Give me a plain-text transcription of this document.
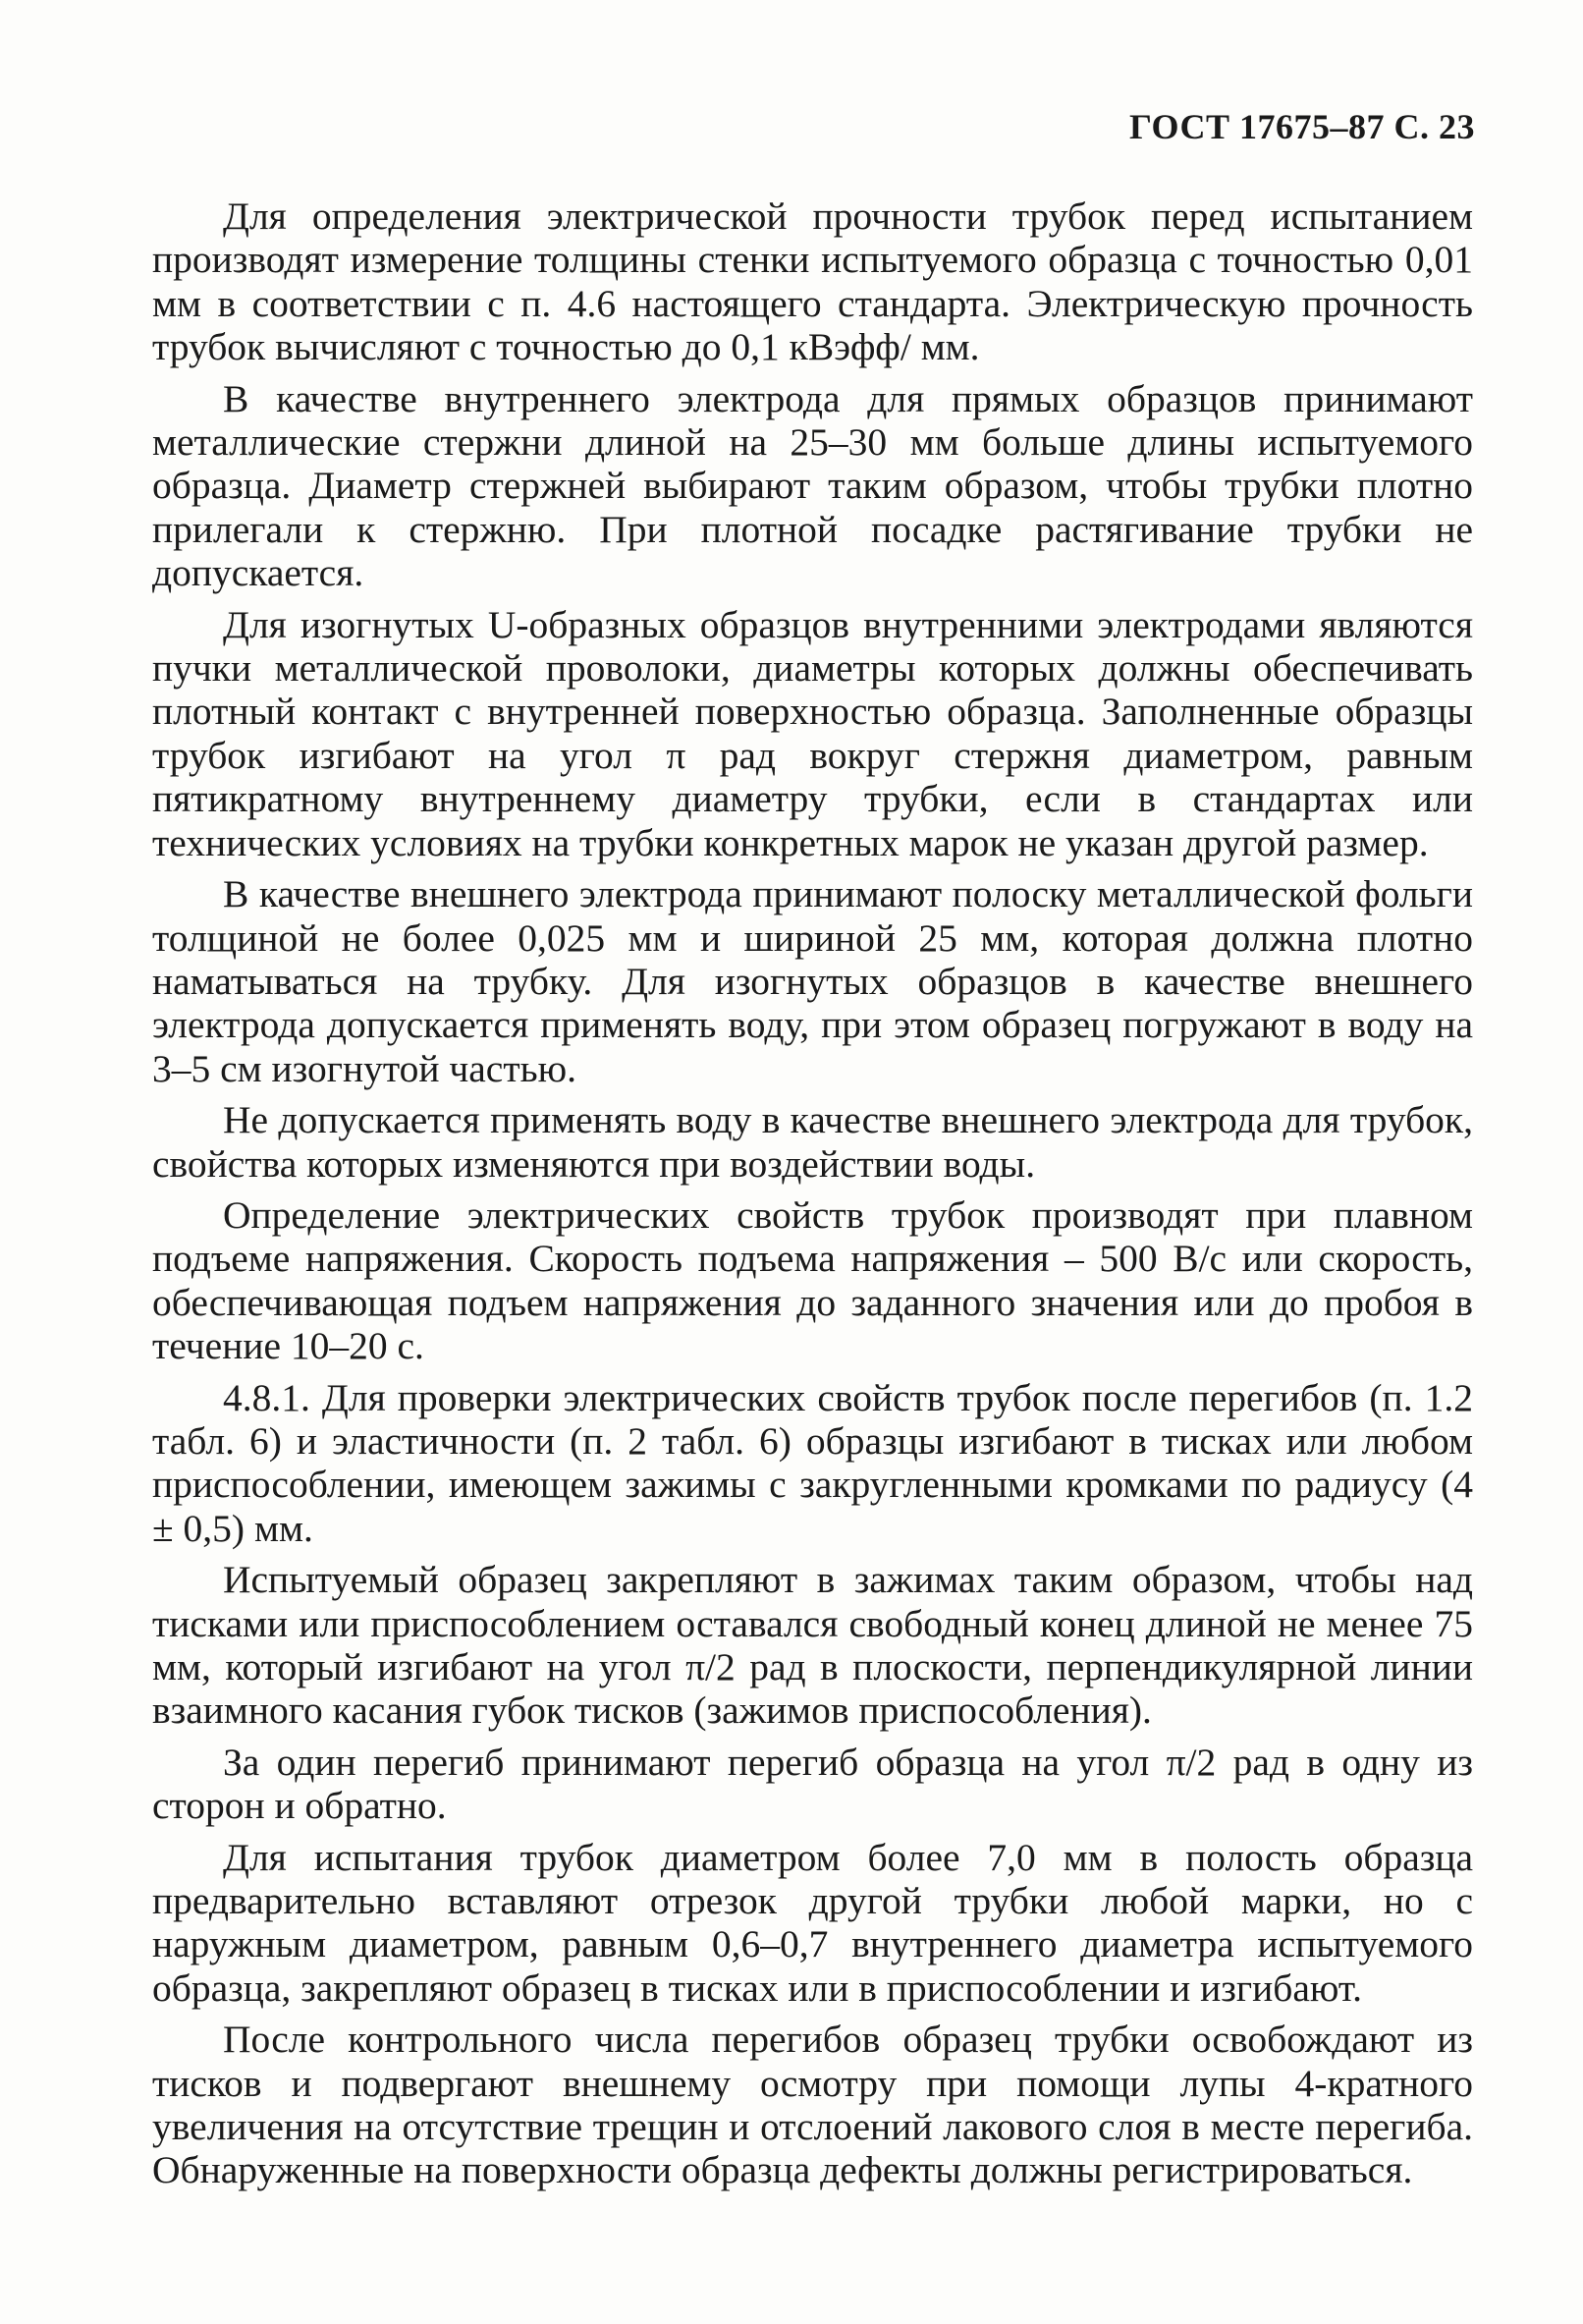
ГОСТ 17675–87 С. 23

Для определения электрической прочности трубок перед испытанием производят измерение толщины стенки испытуемого образца с точностью 0,01 мм в соответствии с п. 4.6 настоящего стандарта. Электрическую прочность трубок вычисляют с точностью до 0,1 кВэфф/ мм.

В качестве внутреннего электрода для прямых образцов принимают металлические стержни длиной на 25–30 мм больше длины испытуемого образца. Диаметр стержней выбирают таким образом, чтобы трубки плотно прилегали к стержню. При плотной посадке растягивание трубки не допускается.

Для изогнутых U-образных образцов внутренними электродами являются пучки металлической проволоки, диаметры которых должны обеспечивать плотный контакт с внутренней поверхностью образца. Заполненные образцы трубок изгибают на угол π рад вокруг стержня диаметром, равным пятикратному внутреннему диаметру трубки, если в стандартах или технических условиях на трубки конкретных марок не указан другой размер.

В качестве внешнего электрода принимают полоску металлической фольги толщиной не более 0,025 мм и шириной 25 мм, которая должна плотно наматываться на трубку. Для изогнутых образцов в качестве внешнего электрода допускается применять воду, при этом образец погружают в воду на 3–5 см изогнутой частью.

Не допускается применять воду в качестве внешнего электрода для трубок, свойства которых изменяются при воздействии воды.

Определение электрических свойств трубок производят при плавном подъеме напряжения. Скорость подъема напряжения – 500 В/с или скорость, обеспечивающая подъем напряжения до заданного значения или до пробоя в течение 10–20 с.

4.8.1. Для проверки электрических свойств трубок после перегибов (п. 1.2 табл. 6) и эластичности (п. 2 табл. 6) образцы изгибают в тисках или любом приспособлении, имеющем зажимы с закругленными кромками по радиусу (4 ± 0,5) мм.

Испытуемый образец закрепляют в зажимах таким образом, чтобы над тисками или приспособлением оставался свободный конец длиной не менее 75 мм, который изгибают на угол π/2 рад в плоскости, перпендикулярной линии взаимного касания губок тисков (зажимов приспособления).

За один перегиб принимают перегиб образца на угол π/2 рад в одну из сторон и обратно.

Для испытания трубок диаметром более 7,0 мм в полость образца предварительно вставляют отрезок другой трубки любой марки, но с наружным диаметром, равным 0,6–0,7 внутреннего диаметра испытуемого образца, закрепляют образец в тисках или в приспособлении и изгибают.

После контрольного числа перегибов образец трубки освобождают из тисков и подвергают внешнему осмотру при помощи лупы 4-кратного увеличения на отсутствие трещин и отслоений лакового слоя в месте перегиба. Обнаруженные на поверхности образца дефекты должны регистрироваться.
